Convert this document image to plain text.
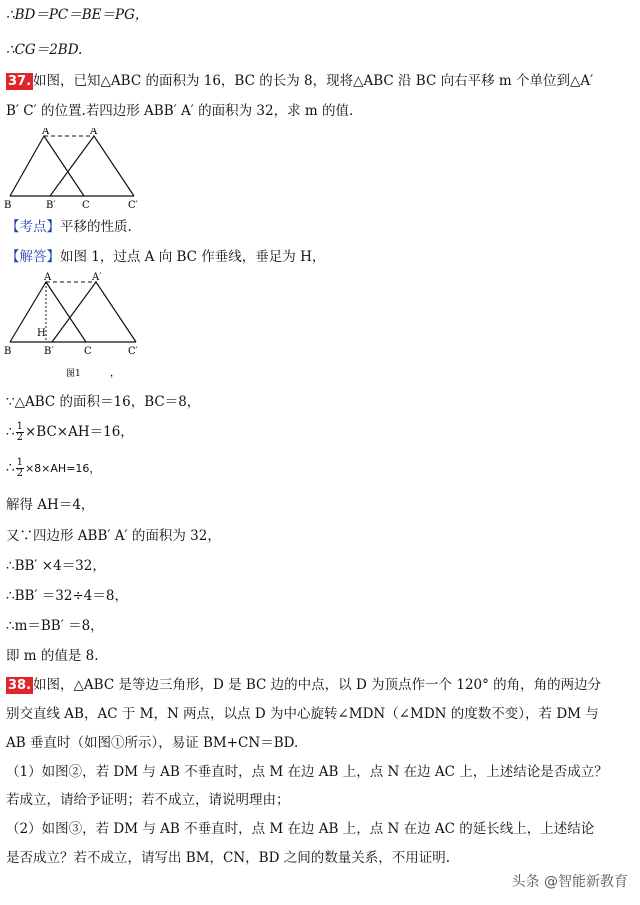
∴BD＝PC＝BE＝PG，
∴CG＝2BD.
37. 如图，已知△ABC 的面积为 16，BC 的长为 8，现将△ABC 沿 BC 向右平移 m 个单位到△A′
B′ C′ 的位置.若四边形 ABB′ A′ 的面积为 32，求 m 的值.
A	A′
B	B′	C	C′
【考点】平移的性质.
【解答】如图 1，过点 A 向 BC 作垂线，垂足为 H，
A	A′
H
B	B′	C	C′
图1	，
∵△ABC 的面积＝16，BC＝8，
∴ $\frac{1}{2} \times BC\times AH=16$，
∴ $\frac{1}{2} \times 8\times AH=16$，
解得 AH＝4，
又∵四边形 ABB′ A′ 的面积为 32，
∴BB′ ×4＝32，
∴BB′ ＝32÷4＝8，
∴m＝BB′ ＝8，
即 m 的值是 8.
38. 如图，△ABC 是等边三角形，D 是 BC 边的中点，以 D 为顶点作一个 120° 的角，角的两边分
别交直线 AB，AC 于 M，N 两点，以点 D 为中心旋转∠MDN（∠MDN 的度数不变），若 DM 与
AB 垂直时（如图①所示），易证 BM+CN＝BD.
（1）如图②，若 DM 与 AB 不垂直时，点 M 在边 AB 上，点 N 在边 AC 上，上述结论是否成立？
若成立，请给予证明；若不成立，请说明理由；
（2）如图③，若 DM 与 AB 不垂直时，点 M 在边 AB 上，点 N 在边 AC 的延长线上，上述结论
是否成立？若不成立，请写出 BM，CN，BD 之间的数量关系，不用证明.
头条 @智能新教育
